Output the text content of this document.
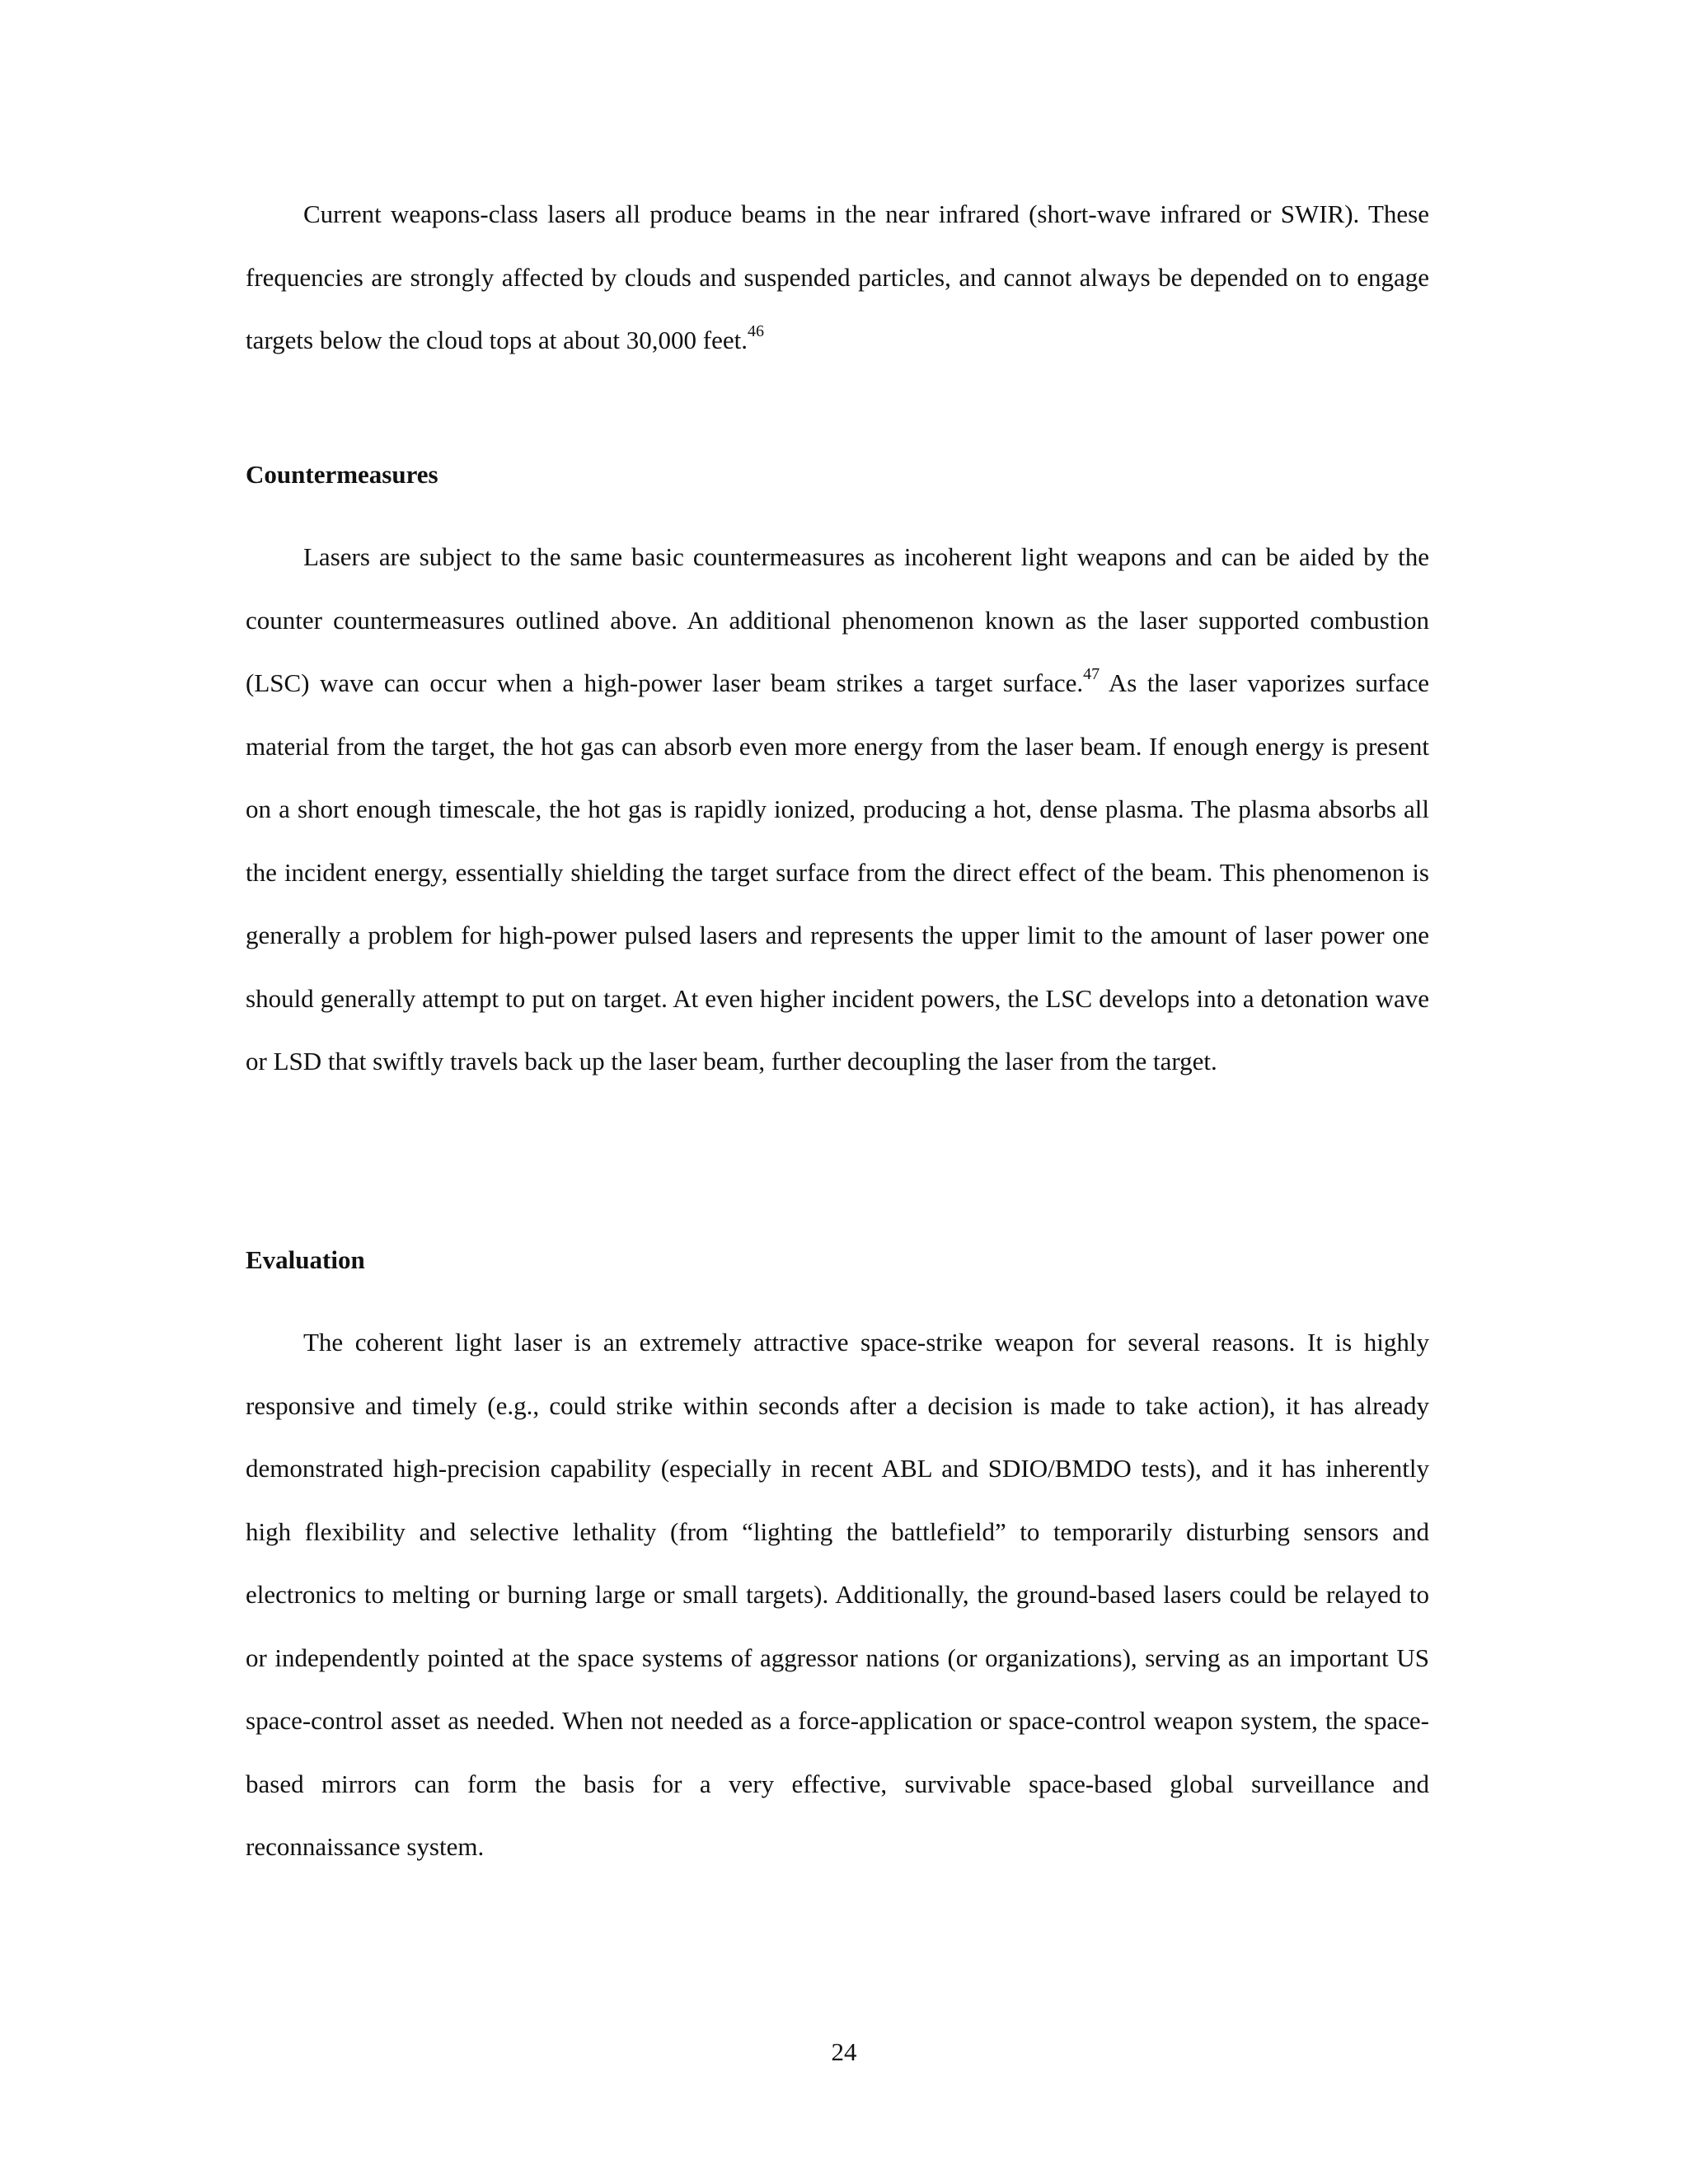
Current weapons-class lasers all produce beams in the near infrared (short-wave infrared or SWIR). These frequencies are strongly affected by clouds and suspended particles, and cannot always be depended on to engage targets below the cloud tops at about 30,000 feet.$^{46}$

Countermeasures

Lasers are subject to the same basic countermeasures as incoherent light weapons and can be aided by the counter countermeasures outlined above. An additional phenomenon known as the laser supported combustion (LSC) wave can occur when a high-power laser beam strikes a target surface.$^{47}$ As the laser vaporizes surface material from the target, the hot gas can absorb even more energy from the laser beam. If enough energy is present on a short enough timescale, the hot gas is rapidly ionized, producing a hot, dense plasma. The plasma absorbs all the incident energy, essentially shielding the target surface from the direct effect of the beam. This phenomenon is generally a problem for high-power pulsed lasers and represents the upper limit to the amount of laser power one should generally attempt to put on target. At even higher incident powers, the LSC develops into a detonation wave or LSD that swiftly travels back up the laser beam, further decoupling the laser from the target.

Evaluation

The coherent light laser is an extremely attractive space-strike weapon for several reasons. It is highly responsive and timely (e.g., could strike within seconds after a decision is made to take action), it has already demonstrated high-precision capability (especially in recent ABL and SDIO/BMDO tests), and it has inherently high flexibility and selective lethality (from “lighting the battlefield” to temporarily disturbing sensors and electronics to melting or burning large or small targets). Additionally, the ground-based lasers could be relayed to or independently pointed at the space systems of aggressor nations (or organizations), serving as an important US space-control asset as needed. When not needed as a force-application or space-control weapon system, the space-based mirrors can form the basis for a very effective, survivable space-based global surveillance and reconnaissance system.

24
